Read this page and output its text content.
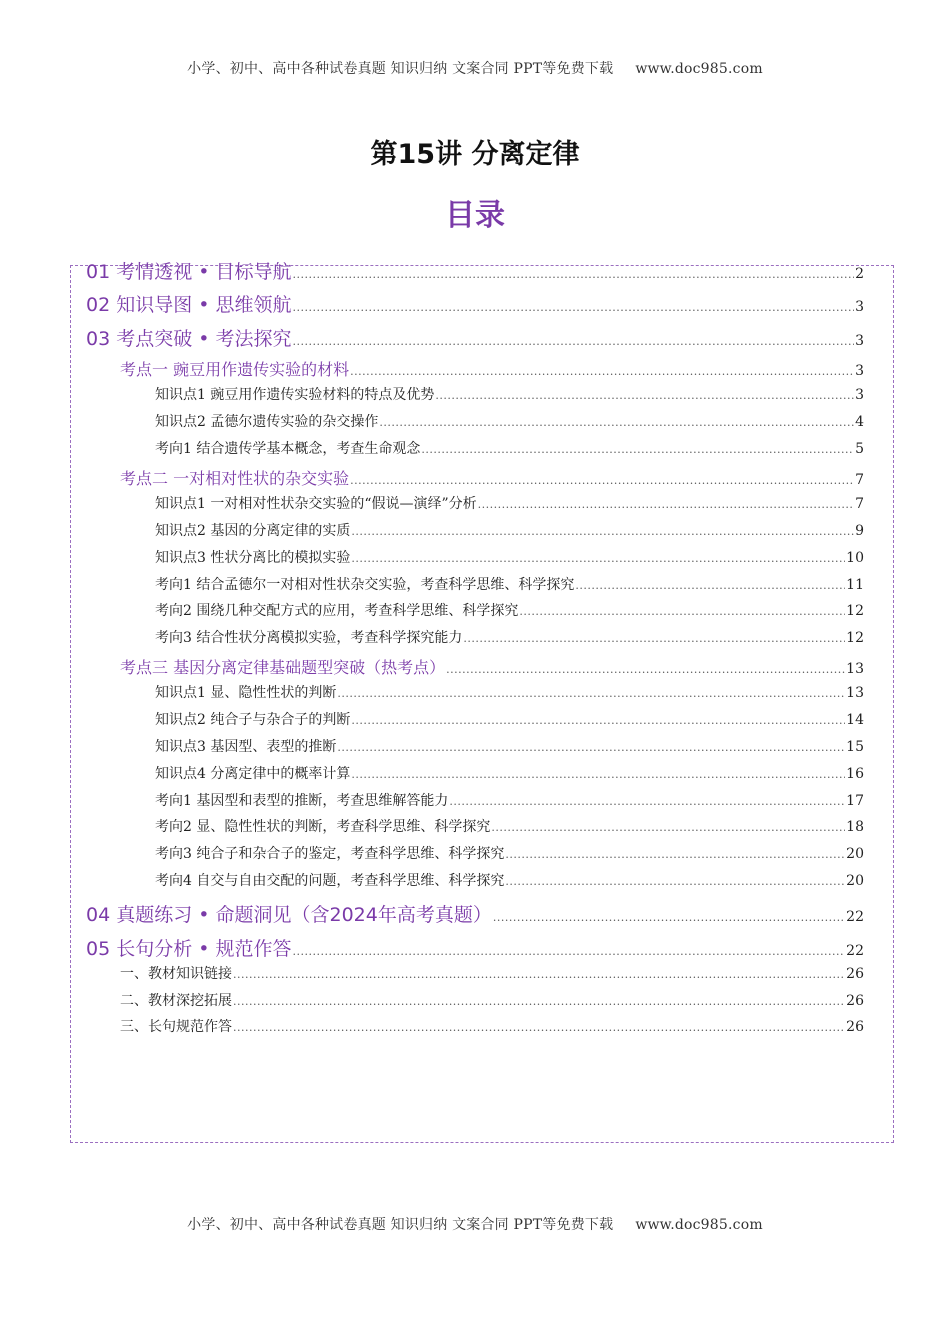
小学、初中、高中各种试卷真题 知识归纳 文案合同 PPT等免费下载 www.doc985.com
第15讲 分离定律
目录
01 考情透视 • 目标导航 .....	2
02 知识导图 • 思维领航 .....	3
03 考点突破 • 考法探究 .....	3
考点一 豌豆用作遗传实验的材料 .....	3
知识点1 豌豆用作遗传实验材料的特点及优势 .....	3
知识点2 孟德尔遗传实验的杂交操作 .....	4
考向1 结合遗传学基本概念，考查生命观念 .....	5
考点二 一对相对性状的杂交实验 .....	7
知识点1 一对相对性状杂交实验的“假说—演绎”分析 .....	7
知识点2 基因的分离定律的实质 .....	9
知识点3 性状分离比的模拟实验 .....	10
考向1 结合孟德尔一对相对性状杂交实验，考查科学思维、科学探究 .....	11
考向2 围绕几种交配方式的应用，考查科学思维、科学探究 .....	12
考向3 结合性状分离模拟实验，考查科学探究能力 .....	12
考点三 基因分离定律基础题型突破（热考点） .....	13
知识点1 显、隐性性状的判断 .....	13
知识点2 纯合子与杂合子的判断 .....	14
知识点3 基因型、表型的推断 .....	15
知识点4 分离定律中的概率计算 .....	16
考向1 基因型和表型的推断，考查思维解答能力 .....	17
考向2 显、隐性性状的判断，考查科学思维、科学探究 .....	18
考向3 纯合子和杂合子的鉴定，考查科学思维、科学探究 .....	20
考向4 自交与自由交配的问题，考查科学思维、科学探究 .....	20
04 真题练习 • 命题洞见（含2024年高考真题） .....	22
05 长句分析 • 规范作答 .....	22
一、教材知识链接 .....	26
二、教材深挖拓展 .....	26
三、长句规范作答 .....	26
小学、初中、高中各种试卷真题 知识归纳 文案合同 PPT等免费下载 www.doc985.com
